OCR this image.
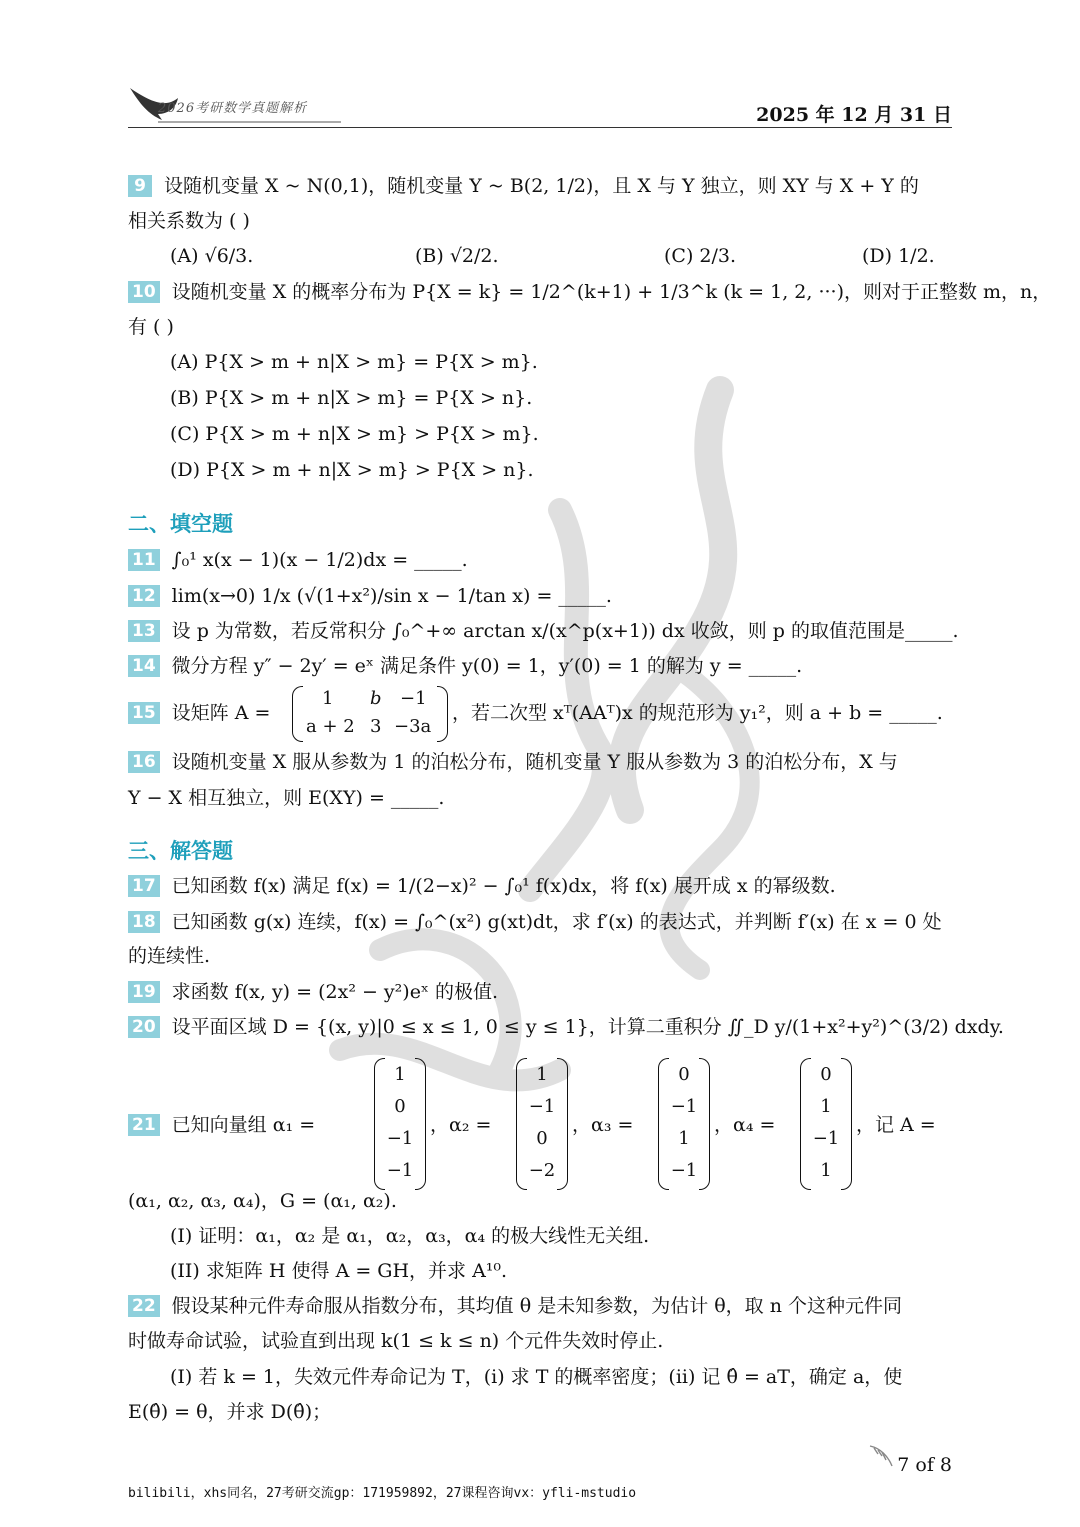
2026考研数学真题解析	2025 年 12 月 31 日
9 设随机变量 X ~ N(0,1)，随机变量 Y ~ B(2, 1/2)，且 X 与 Y 独立，则 XY 与 X + Y 的
相关系数为 ( )
(A) √6/3.	(B) √2/2.	(C) 2/3.	(D) 1/2.
10 设随机变量 X 的概率分布为 P{X = k} = 1/2^(k+1) + 1/3^k (k = 1, 2, ···)，则对于正整数 m，n，
有 ( )
(A) P{X > m + n|X > m} = P{X > m}.
(B) P{X > m + n|X > m} = P{X > n}.
(C) P{X > m + n|X > m} > P{X > m}.
(D) P{X > m + n|X > m} > P{X > n}.
二、填空题
11 ∫₀¹ x(x − 1)(x − 1/2)dx = _____.
12 lim(x→0) 1/x (√(1+x²)/sin x − 1/tan x) = _____.
13 设 p 为常数，若反常积分 ∫₀^+∞ arctan x/(x^p(x+1)) dx 收敛，则 p 的取值范围是_____.
14 微分方程 y″ − 2y′ = eˣ 满足条件 y(0) = 1，y′(0) = 1 的解为 y = _____.
15 设矩阵 A =
1 b −1
a + 2 3 −3a
，若二次型 xᵀ(AAᵀ)x 的规范形为 y₁²，则 a + b = _____.
16 设随机变量 X 服从参数为 1 的泊松分布，随机变量 Y 服从参数为 3 的泊松分布，X 与
Y − X 相互独立，则 E(XY) = _____.
三、解答题
17 已知函数 f(x) 满足 f(x) = 1/(2−x)² − ∫₀¹ f(x)dx，将 f(x) 展开成 x 的幂级数.
18 已知函数 g(x) 连续，f(x) = ∫₀^(x²) g(xt)dt，求 f′(x) 的表达式，并判断 f′(x) 在 x = 0 处
的连续性.
19 求函数 f(x, y) = (2x² − y²)eˣ 的极值.
20 设平面区域 D = {(x, y)|0 ≤ x ≤ 1, 0 ≤ y ≤ 1}，计算二重积分 ∬_D y/(1+x²+y²)^(3/2) dxdy.
21 已知向量组 α₁ =
1
0
−1
−1
，α₂ =
1
−1
0
−2
，α₃ =
0
−1
1
−1
，α₄ =
0
1
−1
1
，记 A =
(α₁, α₂, α₃, α₄)，G = (α₁, α₂).
(I) 证明：α₁，α₂ 是 α₁，α₂，α₃，α₄ 的极大线性无关组.
(II) 求矩阵 H 使得 A = GH，并求 A¹⁰.
22 假设某种元件寿命服从指数分布，其均值 θ 是未知参数，为估计 θ，取 n 个这种元件同
时做寿命试验，试验直到出现 k(1 ≤ k ≤ n) 个元件失效时停止.
(I) 若 k = 1，失效元件寿命记为 T，(i) 求 T 的概率密度；(ii) 记 θ̂ = aT，确定 a，使
E(θ̂) = θ，并求 D(θ̂)；
7 of 8
bilibili，xhs同名，27考研交流gp：171959892，27课程咨询vx：yfli-mstudio
